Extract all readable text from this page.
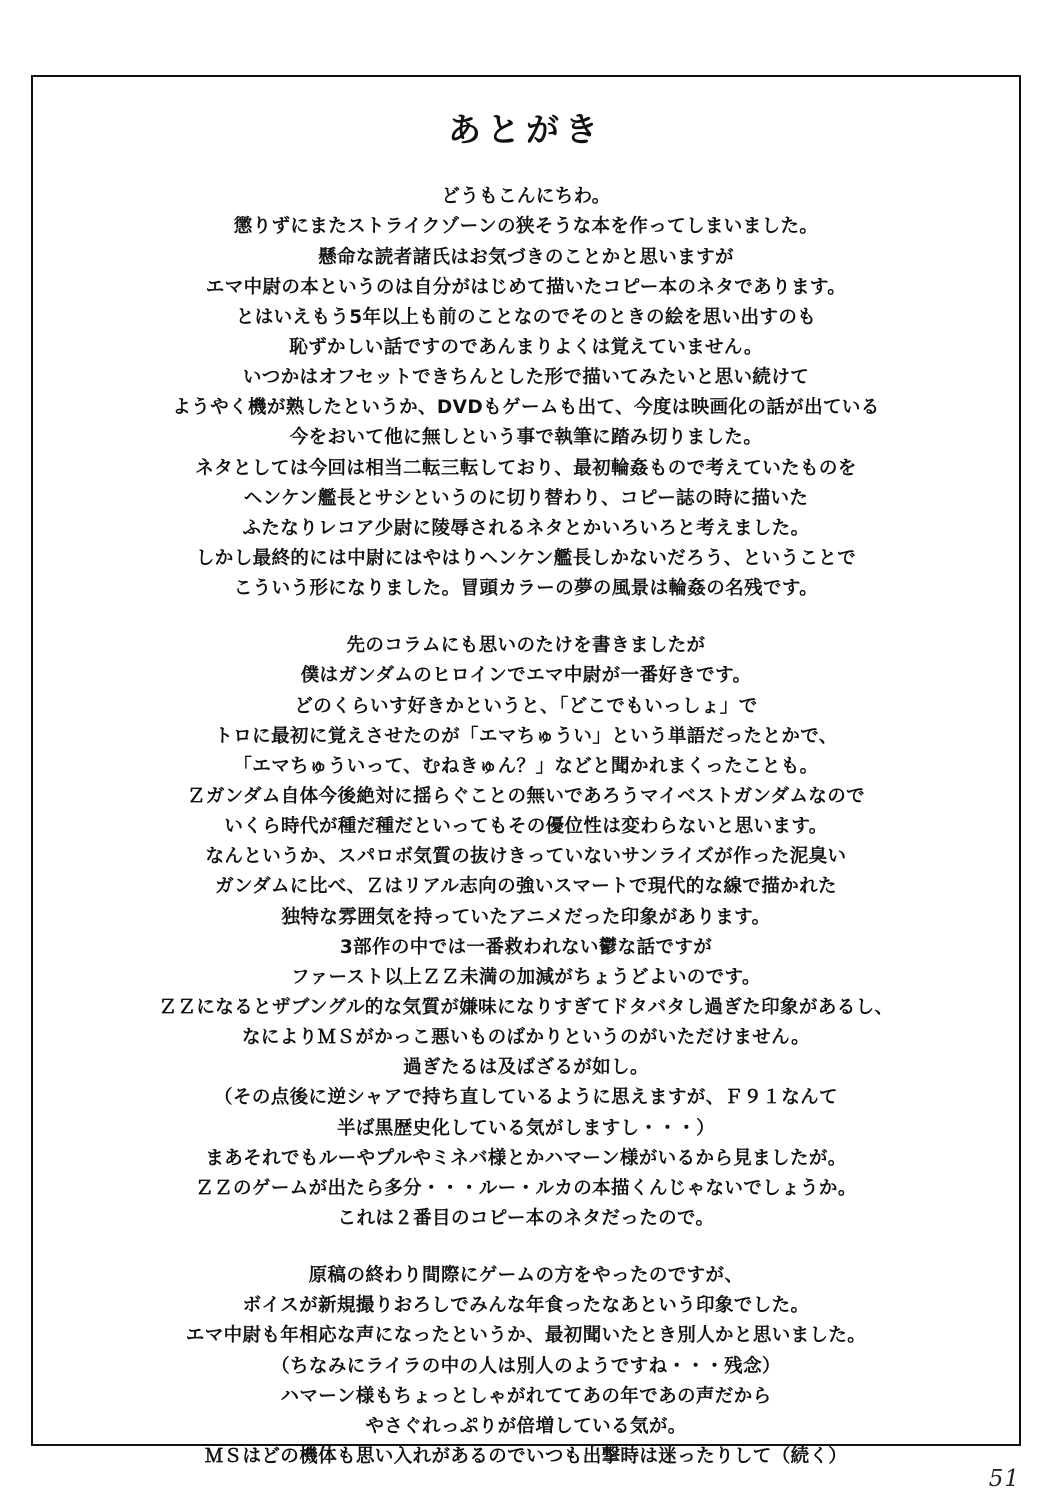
あとがき
どうもこんにちわ。
懲りずにまたストライクゾーンの狭そうな本を作ってしまいました。
懸命な読者諸氏はお気づきのことかと思いますが
エマ中尉の本というのは自分がはじめて描いたコピー本のネタであります。
とはいえもう5年以上も前のことなのでそのときの絵を思い出すのも
恥ずかしい話ですのであんまりよくは覚えていません。
いつかはオフセットできちんとした形で描いてみたいと思い続けて
ようやく機が熟したというか、DVDもゲームも出て、今度は映画化の話が出ている
今をおいて他に無しという事で執筆に踏み切りました。
ネタとしては今回は相当二転三転しており、最初輪姦もので考えていたものを
ヘンケン艦長とサシというのに切り替わり、コピー誌の時に描いた
ふたなりレコア少尉に陵辱されるネタとかいろいろと考えました。
しかし最終的には中尉にはやはりヘンケン艦長しかないだろう、ということで
こういう形になりました。冒頭カラーの夢の風景は輪姦の名残です。
先のコラムにも思いのたけを書きましたが
僕はガンダムのヒロインでエマ中尉が一番好きです。
どのくらいす好きかというと、「どこでもいっしょ」で
トロに最初に覚えさせたのが「エマちゅうい」という単語だったとかで、
「エマちゅういって、むねきゅん？」などと聞かれまくったことも。
Ｚガンダム自体今後絶対に揺らぐことの無いであろうマイベストガンダムなので
いくら時代が種だ種だといってもその優位性は変わらないと思います。
なんというか、スパロボ気質の抜けきっていないサンライズが作った泥臭い
ガンダムに比べ、Ｚはリアル志向の強いスマートで現代的な線で描かれた
独特な雰囲気を持っていたアニメだった印象があります。
3部作の中では一番救われない鬱な話ですが
ファースト以上ＺＺ未満の加減がちょうどよいのです。
ＺＺになるとザブングル的な気質が嫌味になりすぎてドタバタし過ぎた印象があるし、
なによりＭＳがかっこ悪いものばかりというのがいただけません。
過ぎたるは及ばざるが如し。
（その点後に逆シャアで持ち直しているように思えますが、Ｆ９１なんて
半ば黒歴史化している気がしますし・・・）
まあそれでもルーやプルやミネバ様とかハマーン様がいるから見ましたが。
ＺＺのゲームが出たら多分・・・ルー・ルカの本描くんじゃないでしょうか。
これは２番目のコピー本のネタだったので。
原稿の終わり間際にゲームの方をやったのですが、
ボイスが新規撮りおろしでみんな年食ったなあという印象でした。
エマ中尉も年相応な声になったというか、最初聞いたとき別人かと思いました。
（ちなみにライラの中の人は別人のようですね・・・残念）
ハマーン様もちょっとしゃがれててあの年であの声だから
やさぐれっぷりが倍増している気が。
ＭＳはどの機体も思い入れがあるのでいつも出撃時は迷ったりして（続く）
51
